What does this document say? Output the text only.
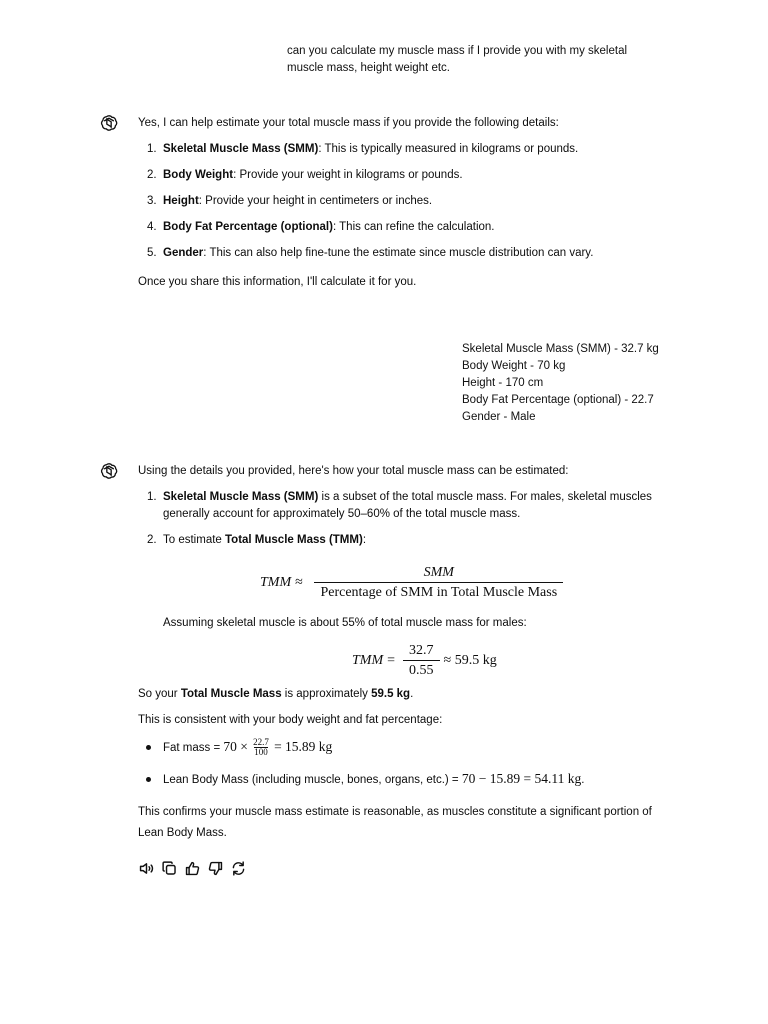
can you calculate my muscle mass if I provide you with my skeletal

muscle mass, height weight etc.

Yes, I can help estimate your total muscle mass if you provide the following details:

1. Skeletal Muscle Mass (SMM): This is typically measured in kilograms or pounds.
2. Body Weight: Provide your weight in kilograms or pounds.
3. Height: Provide your height in centimeters or inches.
4. Body Fat Percentage (optional): This can refine the calculation.
5. Gender: This can also help fine-tune the estimate since muscle distribution can vary.

Once you share this information, I'll calculate it for you.

Skeletal Muscle Mass (SMM) - 32.7 kg

Body Weight - 70 kg

Height - 170 cm

Body Fat Percentage (optional) - 22.7

Gender - Male

Using the details you provided, here's how your total muscle mass can be estimated:

1. Skeletal Muscle Mass (SMM) is a subset of the total muscle mass. For males, skeletal muscles generally account for approximately 50–60% of the total muscle mass.
2. To estimate Total Muscle Mass (TMM):
TMM ≈ $\frac{\text{SMM}}{\text{Percentage of SMM in Total Muscle Mass}}$

Assuming skeletal muscle is about 55% of total muscle mass for males:

TMM = $\frac{32.7}{0.55} \approx 59.5$ kg

So your Total Muscle Mass is approximately 59.5 kg.

This is consistent with your body weight and fat percentage:

Fat mass = $70 \times \frac{22.7}{100} = 15.89$ kg
Lean Body Mass (including muscle, bones, organs, etc.) = 70 − 15.89 = 54.11 kg.

This confirms your muscle mass estimate is reasonable, as muscles constitute a significant portion of Lean Body Mass.
